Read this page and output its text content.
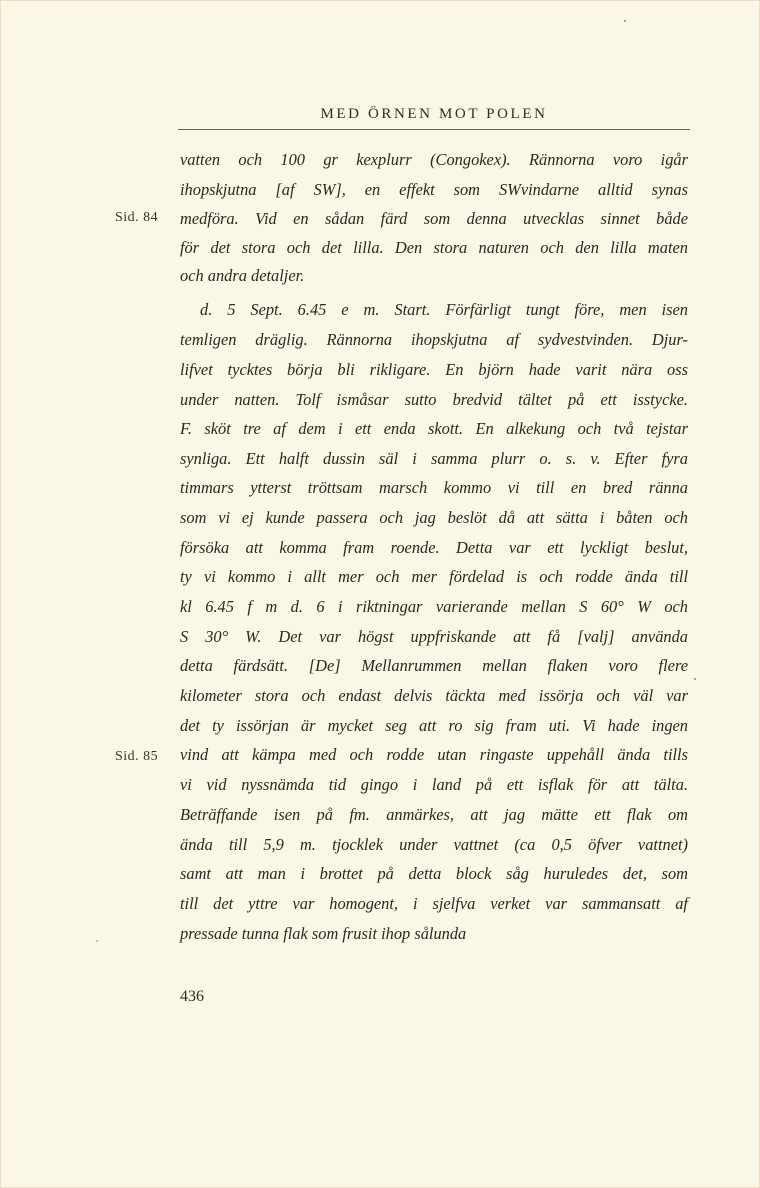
MED ÖRNEN MOT POLEN
Sid. 84
Sid. 85
vatten och 100 gr kexplurr (Congokex). Rännorna voro igår
ihopskjutna [af SW], en effekt som SWvindarne alltid synas
medföra. Vid en sådan färd som denna utvecklas sinnet både
för det stora och det lilla. Den stora naturen och den lilla maten
och andra detaljer.
d. 5 Sept. 6.45 e m. Start. Förfärligt tungt före, men isen
temligen dräglig. Rännorna ihopskjutna af sydvestvinden. Djur-
lifvet tycktes börja bli rikligare. En björn hade varit nära oss
under natten. Tolf ismåsar sutto bredvid tältet på ett isstycke.
F. sköt tre af dem i ett enda skott. En alkekung och två tejstar
synliga. Ett halft dussin säl i samma plurr o. s. v. Efter fyra
timmars ytterst tröttsam marsch kommo vi till en bred ränna
som vi ej kunde passera och jag beslöt då att sätta i båten och
försöka att komma fram roende. Detta var ett lyckligt beslut,
ty vi kommo i allt mer och mer fördelad is och rodde ända till
kl 6.45 f m d. 6 i riktningar varierande mellan S 60° W och
S 30° W. Det var högst uppfriskande att få [valj] använda
detta färdsätt. [De] Mellanrummen mellan flaken voro flere
kilometer stora och endast delvis täckta med issörja och väl var
det ty issörjan är mycket seg att ro sig fram uti. Vi hade ingen
vind att kämpa med och rodde utan ringaste uppehåll ända tills
vi vid nyssnämda tid gingo i land på ett isflak för att tälta.
Beträffande isen på fm. anmärkes, att jag mätte ett flak om
ända till 5,9 m. tjocklek under vattnet (ca 0,5 öfver vattnet)
samt att man i brottet på detta block såg huruledes det, som
till det yttre var homogent, i sjelfva verket var sammansatt af
pressade tunna flak som frusit ihop sålunda
436
